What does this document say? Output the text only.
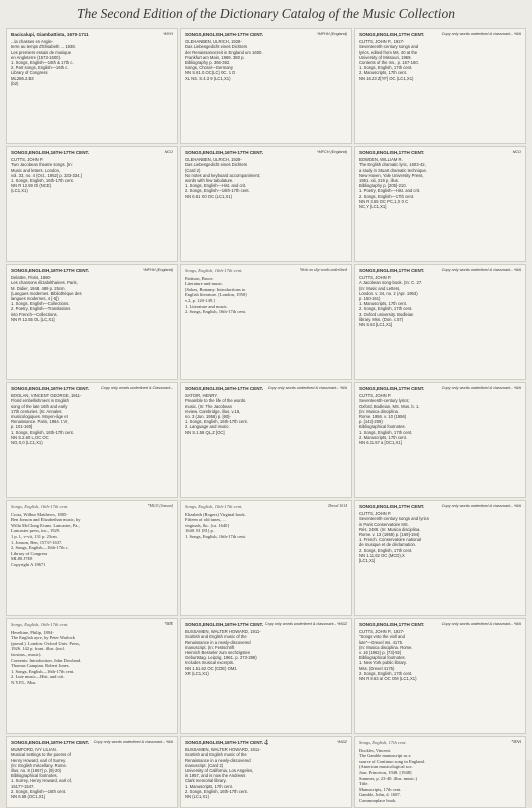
The Second Edition of the Dictionary Catalog of the Music Collection
*MYH
Bacicalupi, Giambattista, 1670-1711
...la chasses en Angle-
terre au temps d'Elisabeth ... 1938.
Les premiers essais de musique
en Angleterre (1573-1600).
1. Songs, English—16th & 17th c.
2. Part songs, English—16th c.
Library of Congress
ML286.2.B3
(b2)
*MFHH (England)
SONGS,ENGLISH,16TH-17TH CENT.
GLEHANBEN, ULRICH, 1928-
Das Liebesgedicht eines Dichters
der Renaissancezeit in England um 1600.
Frankfurt am Main, 1969. 380 p.
Bibliography p. 366-362.
Songs, Choral—Germany
NN S.61.0.OC(LC) 0C. 1 D
XL NS. S.4.3 9 (LC1,X1)
Copy only words underlined & classmark-- *MA
SONGS,ENGLISH,17TH CENT.
CUTTS, JOHN P., 1927-
Seventeenth-century songs and
lyrics, edited from Ms. 40 at the
University of Missouri, 1959.
Contents of the ms., p. 167-160.
1. Songs, English, 17th cent.
2. Manuscripts, 17th cent.
NN 16.23 Z[YF] OC (LC1,X1)
NCO
SONGS,ENGLISH,16TH-17TH CENT.
CUTTS, JOHN P.
Two Jacobean theatre songs. [In:
Music and letters. London,
vol. 33, no. 4 (Oct., 1952) p. 333-334.]
1. Songs, English, 16th-17th cent.
NN R 12.59 Ol (NCE)
(LC1,X1)
*MFCH (England)
SONGS,ENGLISH,16TH-17TH CENT.
GLEHANBEN, ULRICH, 1928-
Das Liebesgedicht eines Dichters
(Card 2)
No notes and keyboard accompaniment;
words with few tabulature.
1. Songs, English—Hist. and crit.
2. Songs, English—16th-17th cent.
NN 6.61 X0 OC (LC1,X1)
NCO
SONGS,ENGLISH,17TH CENT.
BOWDEN, WILLIAM R.
The English dramatic lyric, 1603-42,
a study in Stuart dramatic technique.
New Haven, Yale University Press,
1951. xiii, 219 p. illus.
Bibliography p. [205]-210.
1. Poetry, English—Hist. and crit.
2. Songs, English—17th cent.
NN R 3.55 OC PC,1,X 0 C
NC,Y [LC1,X1]
*MFHH (England)
SONGS,ENGLISH,16TH-17TH CENT.
Delattre, Floris, 1880-
Les chansons élizabéthaines. Paris,
M. Didier, 1948. 489 p. 25cm.
(Langues modernes. Bibliothèque des
langues modernes, 4 [-5])
1. Songs, English—Collections.
2. Poetry, English—Translations
into French—Collections.
NN R 12.55 OL [LC,X1]
Write on slip words underlined
Songs, English, 16th-17th cent.
Pattison, Bruce.
Literature and music.
[Sokes, Bonamy. Introductions to
English literature. [London, 1950]
v.2, p. 120-149.]
1. Literature and music.
2. Songs, English, 16th-17th cent.
Copy only words underlined & classmark-- *MA
SONGS,ENGLISH,17TH CENT.
CUTTS, JOHN P.
A Jacobean song-book. (In: C. 27.
(In: Music and Letters,
London. v. 34, no. 2 (Apr. 1953)
p. 150-161)
1. Manuscripts, 17th cent.
2. Songs, English, 17th cent.
3. Oxford university. Bodleian
library. Mss. (Don. c.57)
NN S.53 [LC1,X1]
Copy only words underlined & Classmark--
SONGS,ENGLISH,16TH-17TH CENT.
BOOLAN, VINCENT GEORGE, 1911-
Florid embellishment in English
song of the late 16th and early
17th centuries. [In: Annales
musicologiques. Moyen-âge et
Renaissance. Paris, 1964. t.VI,
p. 101-160]
1. Songs, English, 16th-17th cent.
NN S.2.60 L,OC OC
NO,X,0 (LC1,X1)
Copy only words underlined & classmark-- *MA
SONGS,ENGLISH,16TH-17TH CENT.
SATOIR, HENRY.
Preamble to the life of the words.
music. (In: The Jacobean
review. Cambridge, illus. v.16,
no. 3 (Jun. 1956) p. [60]-
1. Songs, English, 16th-17th cent.
2. Language and music.
NN S.1.58 QL,Z [OC]
Copy only words underlined & classmark-- *MA
SONGS,ENGLISH,17TH CENT.
CUTTS, JOHN P.
Seventeenth-century lyrics;
Oxford, Bodleian, MS. Mus. b. 1.
(In: Musica disciplina.
Rome. 1956. v. 10 (1956)
p. [142]-209)
Bibliographical footnotes.
1. Songs, English, 17th cent.
2. Manuscripts, 17th cent.
NN 6.11.57 a [OC1,X1]
*MGO [Jonson]
Songs, English, 16th-17th cent.
Cross, Wilbur Matthews, 1885-
Ben Jonson and Elizabethan music, by
Willa McClung Evans. Lancaster, Pa.,
Lancaster press, inc., 1929.
1 p. l., v-vii, 131 p. 23cm.
1. Jonson, Ben, 1573?-1637.
2. Songs, English—16th-17th c.
Library of Congress
ML80.J7E8
Copyright A 18671
Drexel 1014
Songs, English, 16th-17th cent.
Elizabeth (Rogers) Virginal book.
Fifteen of old tunes, ...
virginals, &c. [ca. 1640]
1640. 81 [81] p.
1. Songs, English, 16th-17th cent.
Copy only words underlined & classmark-- *MA
SONGS,ENGLISH,17TH CENT.
CUTTS, JOHN P.
Seventeenth-century songs and lyrics
in Paris Conservatoire MS.
Rés. 2489. (In: Musica disciplina.
Rome. v. 13 (1959) p. [169]-194)
1. French. Conservatoire national
de musique et de déclamation.
2. Songs, English, 17th cent.
NN 1.11.62 OC (MCD),X
[LC1,X1]
*MIE
Songs, English, 16th-17th cent.
Heseltine, Philip, 1894-
The English ayre, by Peter Warlock
(pseud.). London: Oxford Univ. Press,
1926. 142 p. front. illus. (incl.
facsims., music).
Contents: Introduction. John Dowland.
Thomas Campian. Robert Jones.
1. Songs, English—16th-17th cent.
2. Lute music—Hist. and crit.
N.Y.P.L. Mus.
Copy only words underlined & classmark-- *MGZ
SONGS,ENGLISH,16TH-17TH CENT.
BUSSAMEN, WALTER HOWARD, 1911-
Scottish and English music of the
Renaissance in a newly-discovered
manuscript. (In: Festschrift
Heinrich Besseler zum sechzigsten
Geburtstag. Leipzig, 1961. p. 273-288)
Includes musical excerpts.
NN 1.51.62 OC (CDE) OM1
XR (LC1,X1)
Copy only words underlined & classmark-- *MA
SONGS,ENGLISH,17TH CENT.
CUTTS, JOHN P., 1927-
"Songs vnto the violl and
lute"—Drexel ms. 4175.
(In: Musica disciplina. Rome.
v. 16 (1962) p. [73]-92)
Bibliographical footnotes.
1. New York public library.
Mss. (Drexel 4175)
2. Songs, English, 17th cent.
NN R 8.63 a/ OC OM (LC1,X1)
Copy only words underlined & classmark-- *MA
SONGS,ENGLISH,16TH-17TH CENT.
MUMFORD, IVY LILIAN.
Musical settings to the poems of
Henry Howard, earl of Surrey.
(In: English miscellany. Rome.
illus. no. 8 (1957) p. [9]-20)
Bibliographical footnotes.
1. Surrey, Henry Howard, earl of,
1517?-1547.
2. Songs, English—16th cent.
NN 6.58 (OC1,X1)
*MGZ
SONGS,ENGLISH,16TH-17TH CENT.
BUSSAMEN, WALTER HOWARD, 1911-
Scottish and English music of the
Renaissance in a newly-discovered
manuscript. (Card 2)
University of California, Los Angeles,
in 1957, and is now the Andrews
Clark memorial library.
1. Manuscripts, 17th cent.
2. Songs, English, 16th-17th cent.
NN (LC1,X1)
*MAA
Songs, English, 17th cent.
Duckles, Vincent.
The Gamble manuscript as a
source of Continuo song in England.
(American musicological soc.
Jour. Princeton, 1948. [1948]
Summer, p. 23-40. illus. music.)
Title.
Manuscripts, 17th cent.
Gamble, John, d. 1687.
Commonplace book.
4
